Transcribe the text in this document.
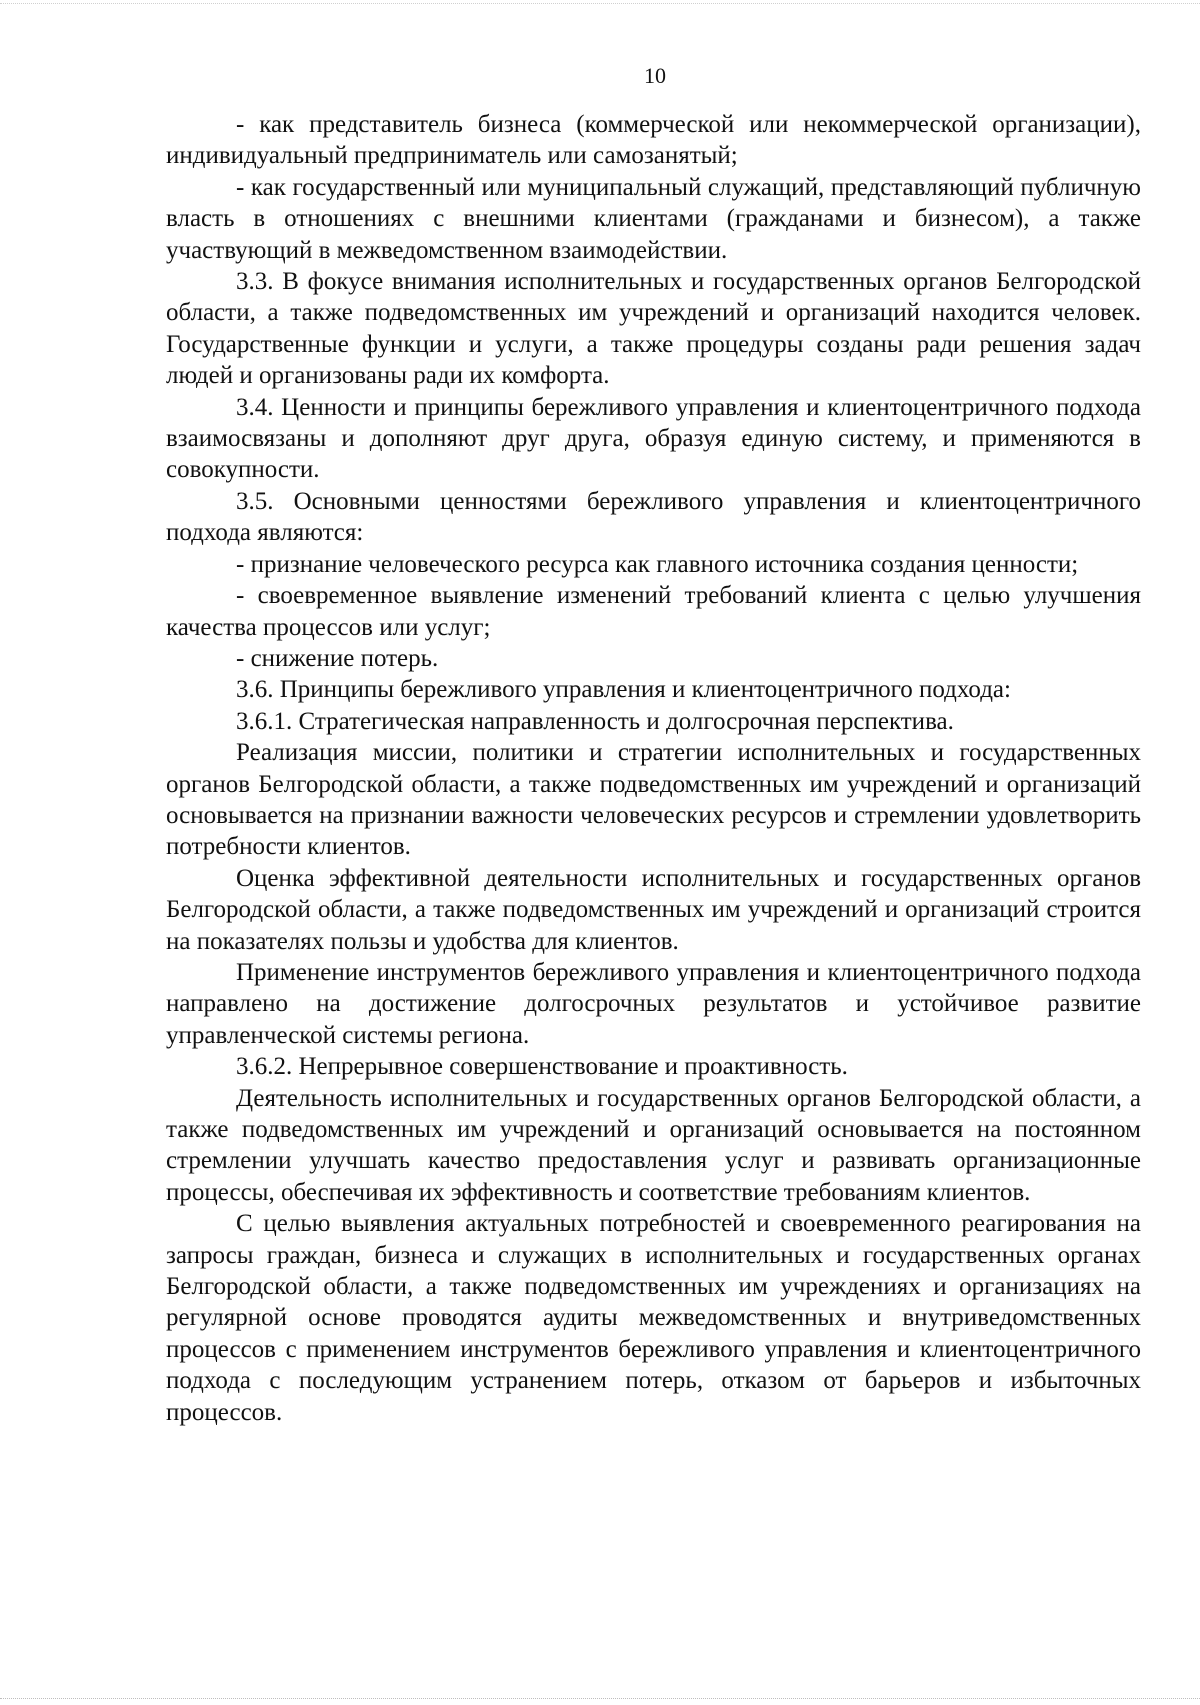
10

- как представитель бизнеса (коммерческой или некоммерческой организации), индивидуальный предприниматель или самозанятый;

- как государственный или муниципальный служащий, представляющий публичную власть в отношениях с внешними клиентами (гражданами и бизнесом), а также участвующий в межведомственном взаимодействии.

3.3. В фокусе внимания исполнительных и государственных органов Белгородской области, а также подведомственных им учреждений и организаций находится человек. Государственные функции и услуги, а также процедуры созданы ради решения задач людей и организованы ради их комфорта.

3.4. Ценности и принципы бережливого управления и клиентоцентричного подхода взаимосвязаны и дополняют друг друга, образуя единую систему, и применяются в совокупности.

3.5. Основными ценностями бережливого управления и клиентоцентричного подхода являются:

- признание человеческого ресурса как главного источника создания ценности;

- своевременное выявление изменений требований клиента с целью улучшения качества процессов или услуг;

- снижение потерь.

3.6. Принципы бережливого управления и клиентоцентричного подхода:

3.6.1. Стратегическая направленность и долгосрочная перспектива.

Реализация миссии, политики и стратегии исполнительных и государственных органов Белгородской области, а также подведомственных им учреждений и организаций основывается на признании важности человеческих ресурсов и стремлении удовлетворить потребности клиентов.

Оценка эффективной деятельности исполнительных и государственных органов Белгородской области, а также подведомственных им учреждений и организаций строится на показателях пользы и удобства для клиентов.

Применение инструментов бережливого управления и клиентоцентричного подхода направлено на достижение долгосрочных результатов и устойчивое развитие управленческой системы региона.

3.6.2. Непрерывное совершенствование и проактивность.

Деятельность исполнительных и государственных органов Белгородской области, а также подведомственных им учреждений и организаций основывается на постоянном стремлении улучшать качество предоставления услуг и развивать организационные процессы, обеспечивая их эффективность и соответствие требованиям клиентов.

С целью выявления актуальных потребностей и своевременного реагирования на запросы граждан, бизнеса и служащих в исполнительных и государственных органах Белгородской области, а также подведомственных им учреждениях и организациях на регулярной основе проводятся аудиты межведомственных и внутриведомственных процессов с применением инструментов бережливого управления и клиентоцентричного подхода с последующим устранением потерь, отказом от барьеров и избыточных процессов.
